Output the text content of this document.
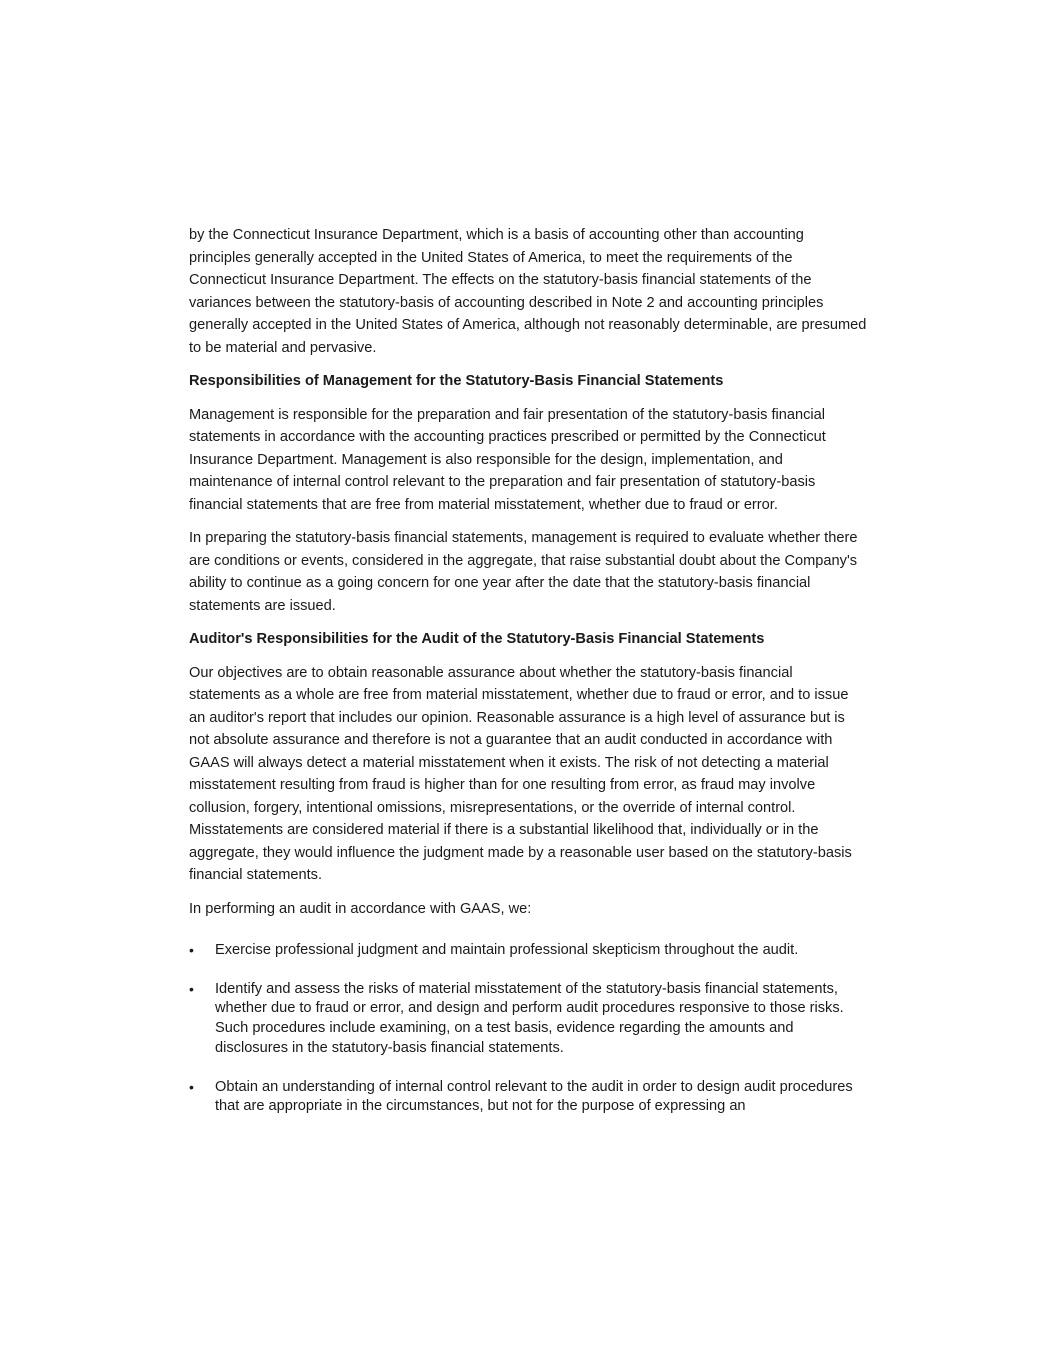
by the Connecticut Insurance Department, which is a basis of accounting other than accounting principles generally accepted in the United States of America, to meet the requirements of the Connecticut Insurance Department. The effects on the statutory-basis financial statements of the variances between the statutory-basis of accounting described in Note 2 and accounting principles generally accepted in the United States of America, although not reasonably determinable, are presumed to be material and pervasive.

Responsibilities of Management for the Statutory-Basis Financial Statements

Management is responsible for the preparation and fair presentation of the statutory-basis financial statements in accordance with the accounting practices prescribed or permitted by the Connecticut Insurance Department. Management is also responsible for the design, implementation, and maintenance of internal control relevant to the preparation and fair presentation of statutory-basis financial statements that are free from material misstatement, whether due to fraud or error.

In preparing the statutory-basis financial statements, management is required to evaluate whether there are conditions or events, considered in the aggregate, that raise substantial doubt about the Company's ability to continue as a going concern for one year after the date that the statutory-basis financial statements are issued.

Auditor's Responsibilities for the Audit of the Statutory-Basis Financial Statements

Our objectives are to obtain reasonable assurance about whether the statutory-basis financial statements as a whole are free from material misstatement, whether due to fraud or error, and to issue an auditor's report that includes our opinion. Reasonable assurance is a high level of assurance but is not absolute assurance and therefore is not a guarantee that an audit conducted in accordance with GAAS will always detect a material misstatement when it exists. The risk of not detecting a material misstatement resulting from fraud is higher than for one resulting from error, as fraud may involve collusion, forgery, intentional omissions, misrepresentations, or the override of internal control. Misstatements are considered material if there is a substantial likelihood that, individually or in the aggregate, they would influence the judgment made by a reasonable user based on the statutory-basis financial statements.

In performing an audit in accordance with GAAS, we:

• Exercise professional judgment and maintain professional skepticism throughout the audit.
• Identify and assess the risks of material misstatement of the statutory-basis financial statements, whether due to fraud or error, and design and perform audit procedures responsive to those risks. Such procedures include examining, on a test basis, evidence regarding the amounts and disclosures in the statutory-basis financial statements.
• Obtain an understanding of internal control relevant to the audit in order to design audit procedures that are appropriate in the circumstances, but not for the purpose of expressing an
